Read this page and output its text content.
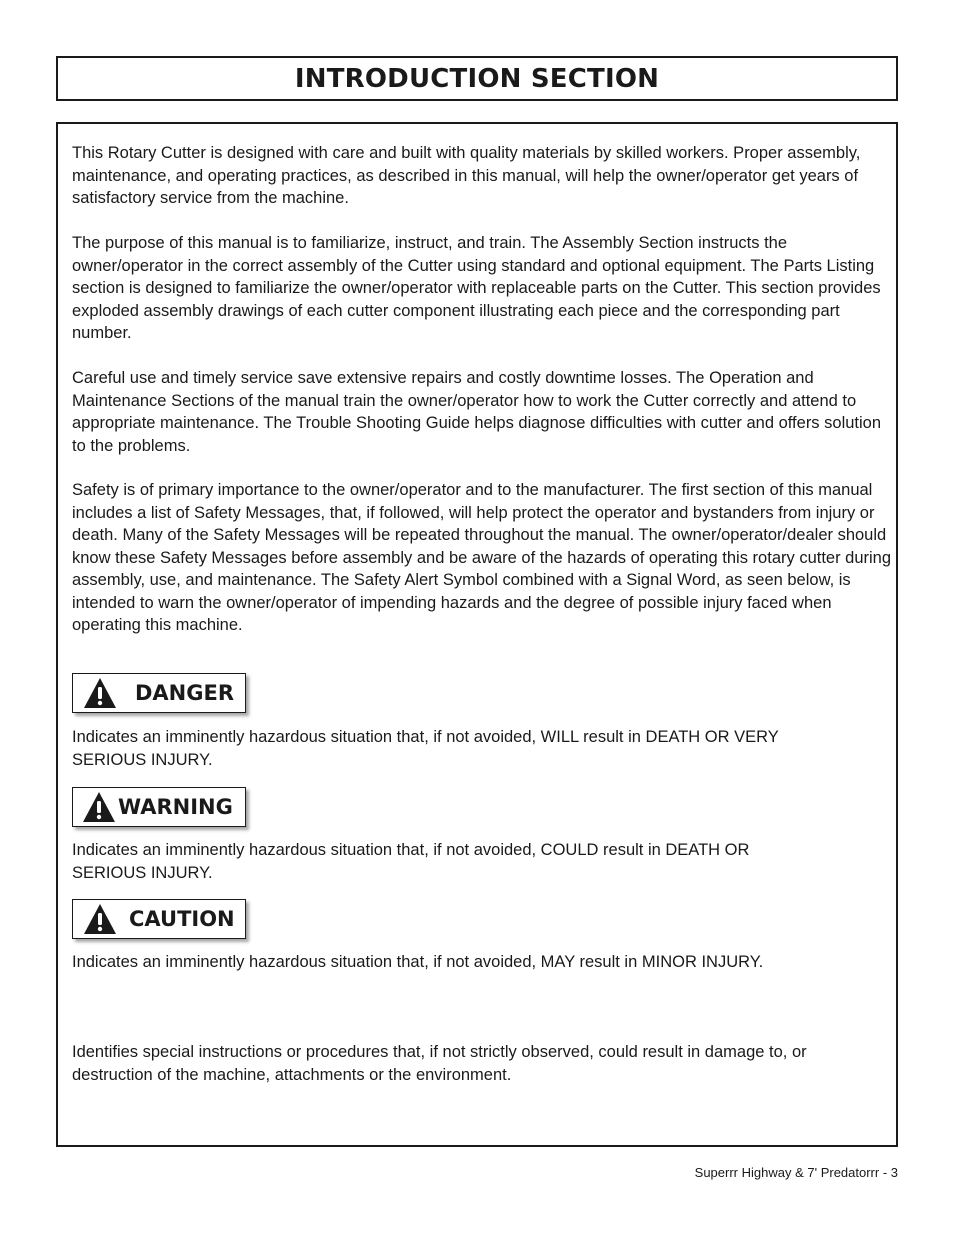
INTRODUCTION SECTION

This Rotary Cutter is designed with care and built with quality materials by skilled workers. Proper assembly, maintenance, and operating practices, as described in this manual, will help the owner/operator get years of satisfactory service from the machine.

The purpose of this manual is to familiarize, instruct, and train. The Assembly Section instructs the owner/operator in the correct assembly of the Cutter using standard and optional equipment. The Parts Listing section is designed to familiarize the owner/operator with replaceable parts on the Cutter. This section provides exploded assembly drawings of each cutter component illustrating each piece and the corresponding part number.

Careful use and timely service save extensive repairs and costly downtime losses. The Operation and Maintenance Sections of the manual train the owner/operator how to work the Cutter correctly and attend to appropriate maintenance. The Trouble Shooting Guide helps diagnose difficulties with cutter and offers solution to the problems.

Safety is of primary importance to the owner/operator and to the manufacturer. The first section of this manual includes a list of Safety Messages, that, if followed, will help protect the operator and bystanders from injury or death. Many of the Safety Messages will be repeated throughout the manual. The owner/operator/dealer should know these Safety Messages before assembly and be aware of the hazards of operating this rotary cutter during assembly, use, and maintenance. The Safety Alert Symbol combined with a Signal Word, as seen below, is intended to warn the owner/operator of impending hazards and the degree of possible injury faced when operating this machine.

DANGER

Indicates an imminently hazardous situation that, if not avoided, WILL result in DEATH OR VERY SERIOUS INJURY.

WARNING

Indicates an imminently hazardous situation that, if not avoided, COULD result in DEATH OR SERIOUS INJURY.

CAUTION

Indicates an imminently hazardous situation that, if not avoided, MAY result in MINOR INJURY.

Identifies special instructions or procedures that, if not strictly observed, could result in damage to, or destruction of the machine, attachments or the environment.

Superrr Highway & 7' Predatorrr - 3
